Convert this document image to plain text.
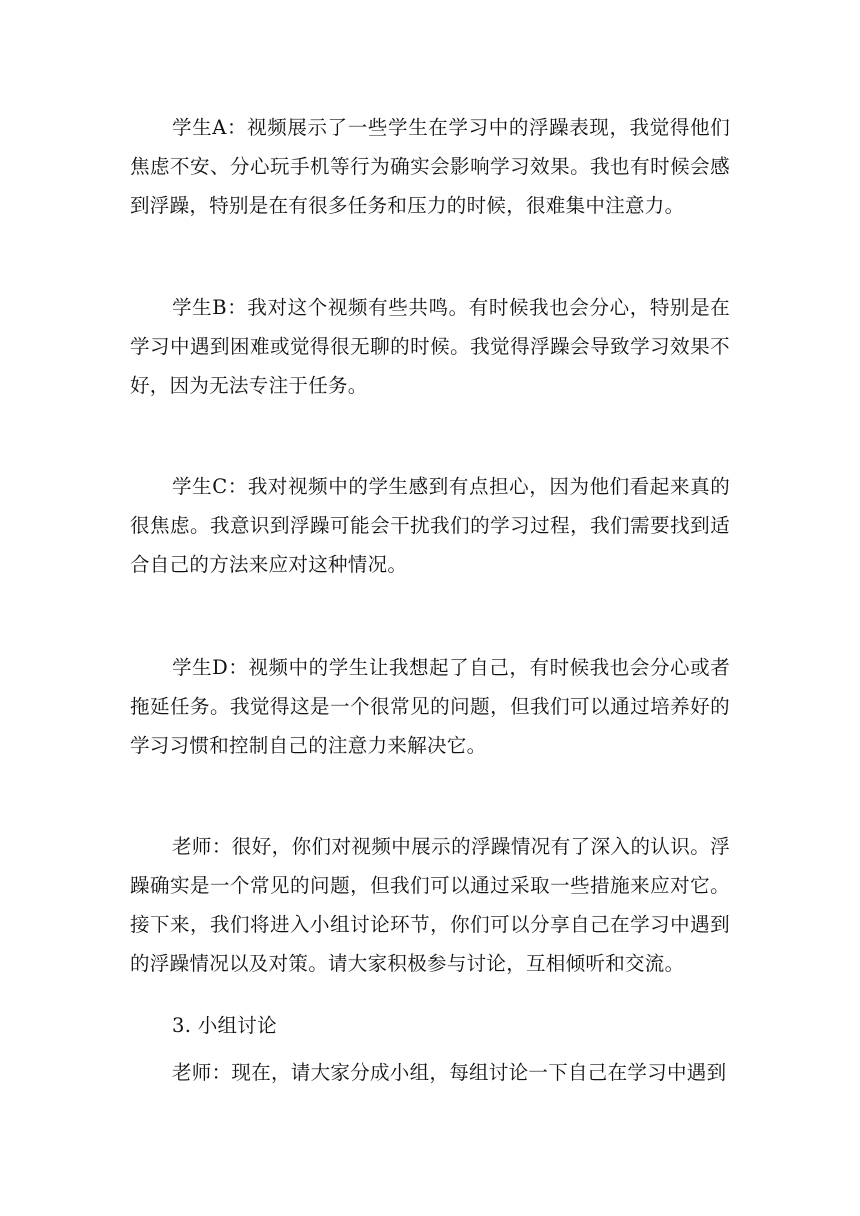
学生A：视频展示了一些学生在学习中的浮躁表现，我觉得他们焦虑不安、分心玩手机等行为确实会影响学习效果。我也有时候会感到浮躁，特别是在有很多任务和压力的时候，很难集中注意力。

学生B：我对这个视频有些共鸣。有时候我也会分心，特别是在学习中遇到困难或觉得很无聊的时候。我觉得浮躁会导致学习效果不好，因为无法专注于任务。

学生C：我对视频中的学生感到有点担心，因为他们看起来真的很焦虑。我意识到浮躁可能会干扰我们的学习过程，我们需要找到适合自己的方法来应对这种情况。

学生D：视频中的学生让我想起了自己，有时候我也会分心或者拖延任务。我觉得这是一个很常见的问题，但我们可以通过培养好的学习习惯和控制自己的注意力来解决它。

老师：很好，你们对视频中展示的浮躁情况有了深入的认识。浮躁确实是一个常见的问题，但我们可以通过采取一些措施来应对它。接下来，我们将进入小组讨论环节，你们可以分享自己在学习中遇到的浮躁情况以及对策。请大家积极参与讨论，互相倾听和交流。

3. 小组讨论

老师：现在，请大家分成小组，每组讨论一下自己在学习中遇到
